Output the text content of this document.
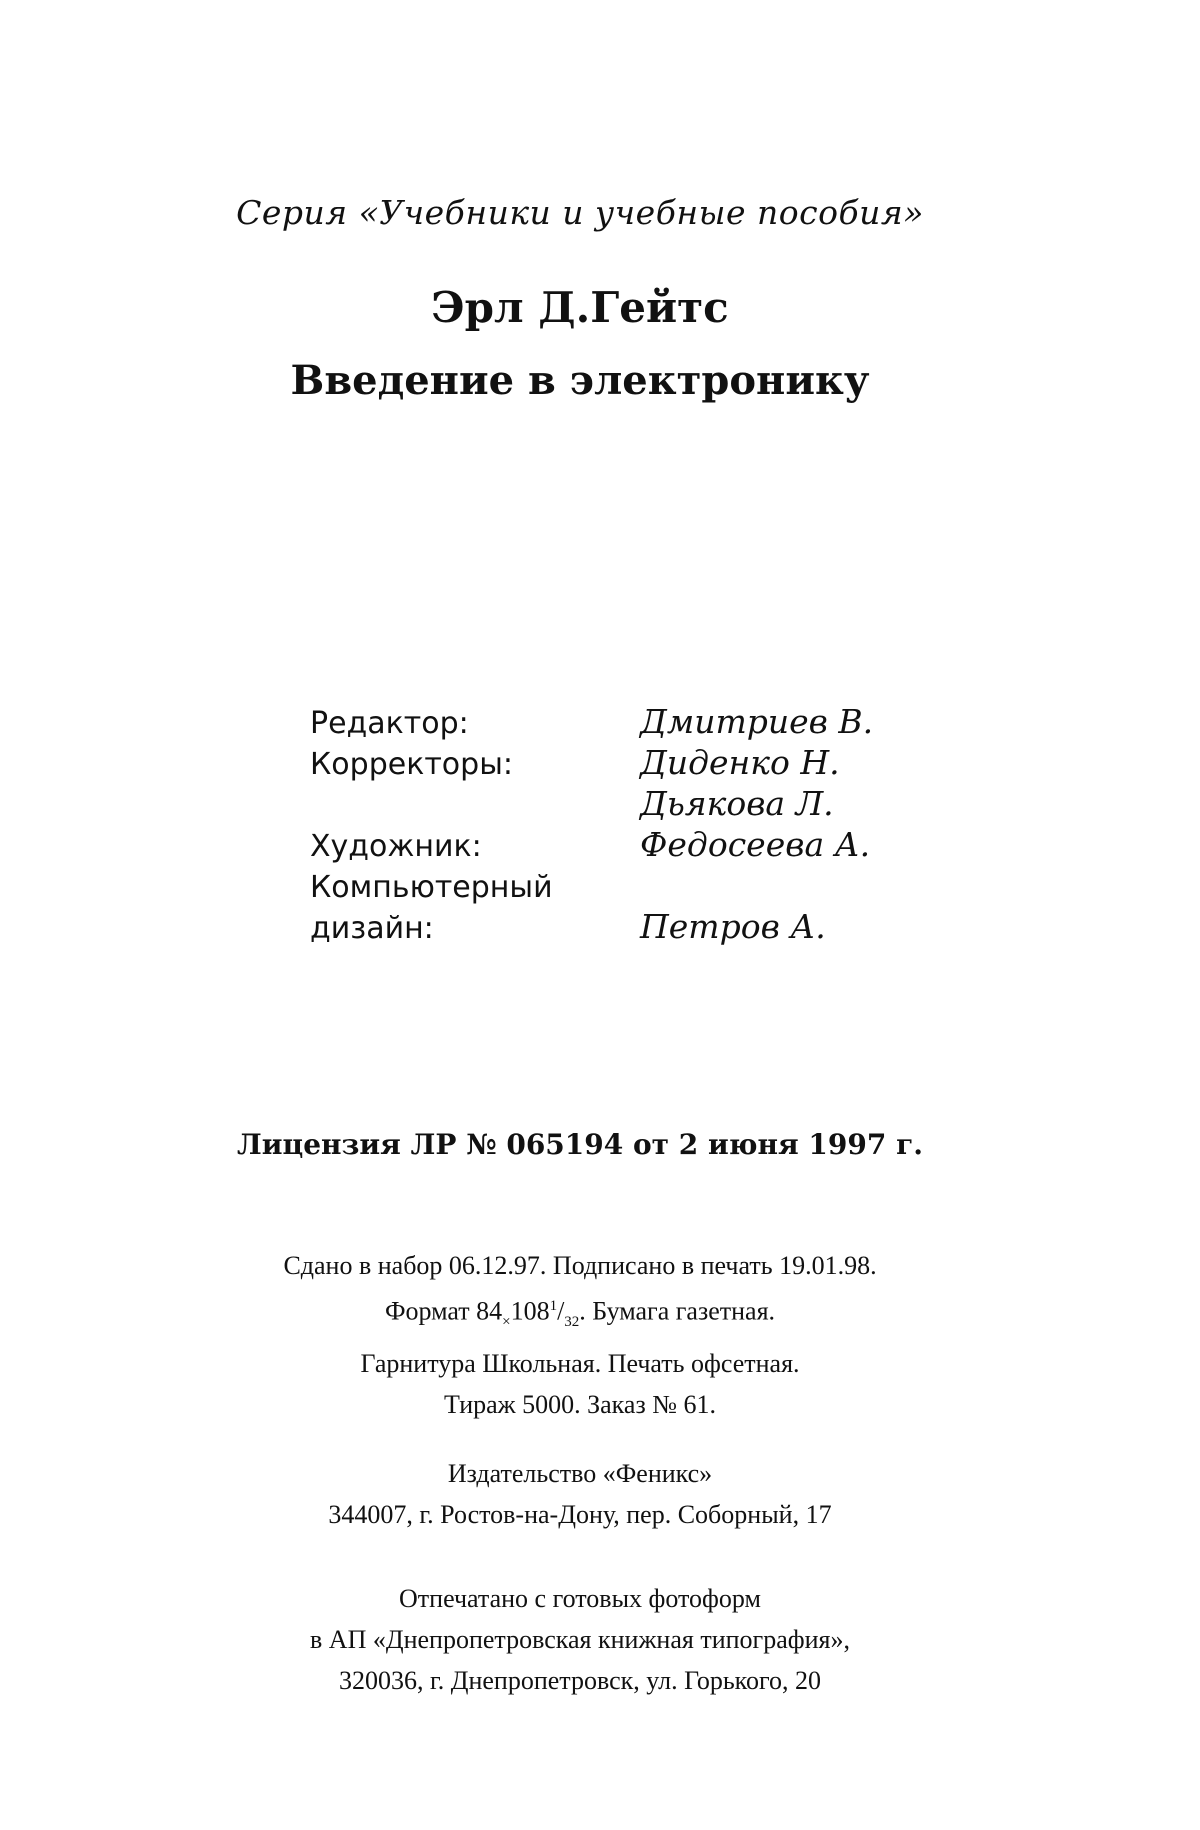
Серия «Учебники и учебные пособия»
Эрл Д.Гейтс
Введение в электронику
Редактор:	Дмитриев В.
Корректоры:	Диденко Н.
Дьякова Л.
Художник:	Федосеева А.
Компьютерный
дизайн:	Петров А.
Лицензия ЛР № 065194 от 2 июня 1997 г.
Сдано в набор 06.12.97. Подписано в печать 19.01.98.
Формат $84_\times 108^1/_{32}$. Бумага газетная.
Гарнитура Школьная. Печать офсетная.
Тираж 5000. Заказ № 61.
Издательство «Феникс»
344007, г. Ростов-на-Дону, пер. Соборный, 17
Отпечатано с готовых фотоформ
в АП «Днепропетровская книжная типография»,
320036, г. Днепропетровск, ул. Горького, 20
